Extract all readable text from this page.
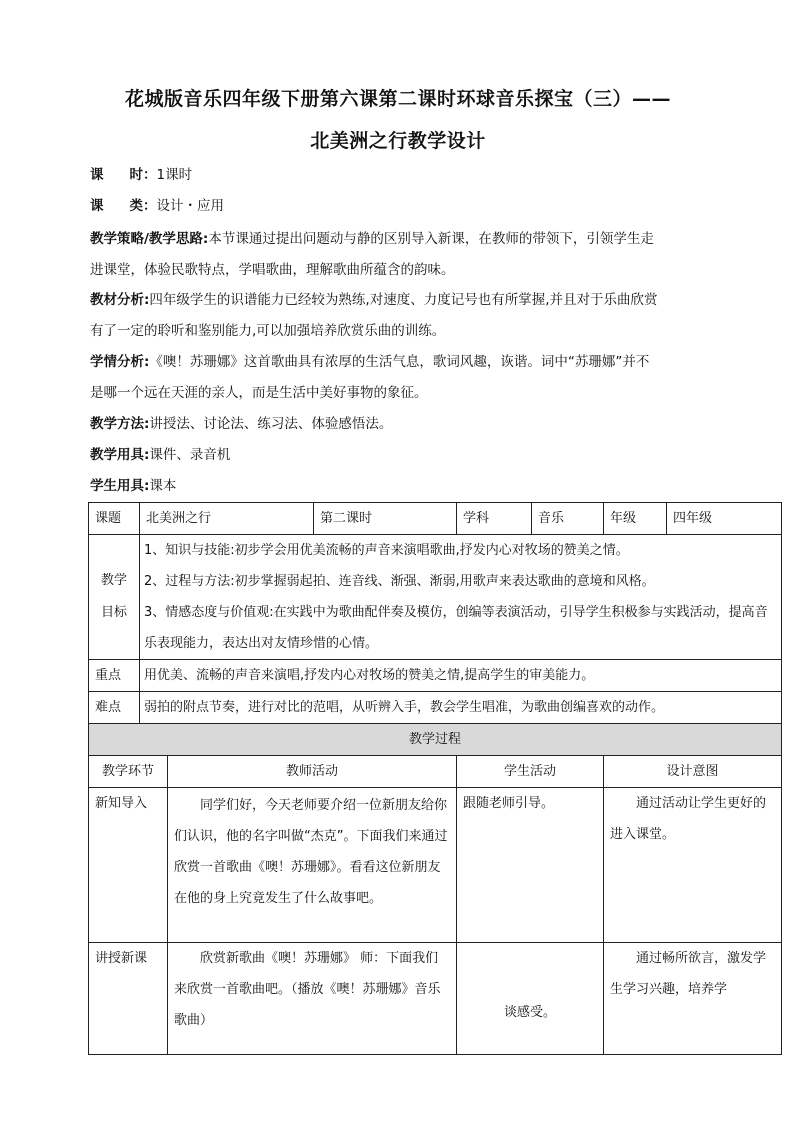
花城版音乐四年级下册第六课第二课时环球音乐探宝（三）——
北美洲之行教学设计
课 时：1课时
课 类：设计・应用
教学策略/教学思路:本节课通过提出问题动与静的区别导入新课，在教师的带领下，引领学生走
进课堂，体验民歌特点，学唱歌曲，理解歌曲所蕴含的韵味。
教材分析:四年级学生的识谱能力已经较为熟练,对速度、力度记号也有所掌握,并且对于乐曲欣赏
有了一定的聆听和鉴别能力,可以加强培养欣赏乐曲的训练。
学情分析:《噢！苏珊娜》这首歌曲具有浓厚的生活气息，歌词风趣，诙谐。词中“苏珊娜”并不
是哪一个远在天涯的亲人，而是生活中美好事物的象征。
教学方法:讲授法、讨论法、练习法、体验感悟法。
教学用具:课件、录音机
学生用具:课本
课题	北美洲之行		第二课时	学科	音乐	年级	四年级

教学目标	1、知识与技能:初步学会用优美流畅的声音来演唱歌曲,抒发内心对牧场的赞美之情。
2、过程与方法:初步掌握弱起拍、连音线、渐强、渐弱,用歌声来表达歌曲的意境和风格。
3、情感态度与价值观:在实践中为歌曲配伴奏及模仿，创编等表演活动，引导学生积极参与实践活动，提高音乐表现能力，表达出对友情珍惜的心情。						

重点	用优美、流畅的声音来演唱,抒发内心对牧场的赞美之情,提高学生的审美能力。						
难点	弱拍的附点节奏，进行对比的范唱，从听辨入手，教会学生唱准，为歌曲创编喜欢的动作。						
教学过程							
教学环节		教师活动		学生活动		设计意图	
新知导入		同学们好，今天老师要介绍一位新朋友给你们认识，他的名字叫做“杰克”。下面我们来通过欣赏一首歌曲《噢！苏珊娜》。看看这位新朋友在他的身上究竟发生了什么故事吧。		跟随老师引导。		通过活动让学生更好的进入课堂。	

讲授新课		欣赏新歌曲《噢！苏珊娜》 师：下面我们来欣赏一首歌曲吧。（播放《噢！苏珊娜》音乐歌曲）		谈感受。		通过畅所欲言，激发学生学习兴趣，培养学	
